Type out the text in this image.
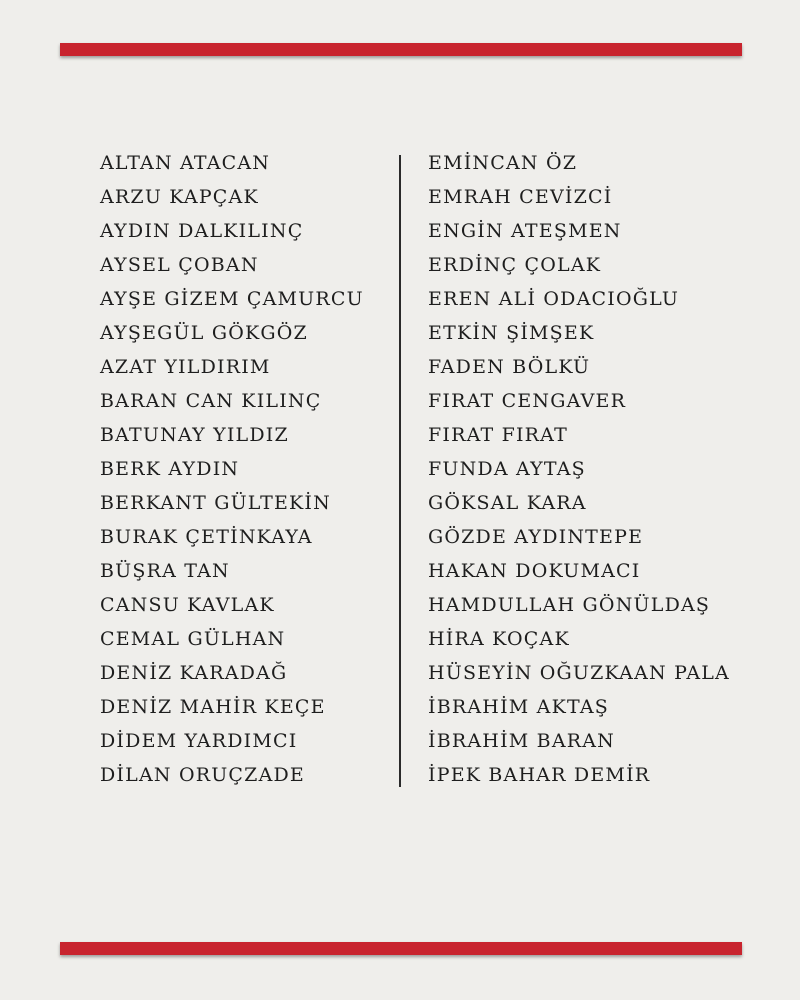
ALTAN ATACAN
ARZU KAPÇAK
AYDIN DALKILINÇ
AYSEL ÇOBAN
AYŞE GİZEM ÇAMURCU
AYŞEGÜL GÖKGÖZ
AZAT YILDIRIM
BARAN CAN KILINÇ
BATUNAY YILDIZ
BERK AYDIN
BERKANT GÜLTEKİN
BURAK ÇETİNKAYA
BÜŞRA TAN
CANSU KAVLAK
CEMAL GÜLHAN
DENİZ KARADAĞ
DENİZ MAHİR KEÇE
DİDEM YARDIMCI
DİLAN ORUÇZADE
EMİNCAN ÖZ
EMRAH CEVİZCİ
ENGİN ATEŞMEN
ERDİNÇ ÇOLAK
EREN ALİ ODACIOĞLU
ETKİN ŞİMŞEK
FADEN BÖLKÜ
FIRAT CENGAVER
FIRAT FIRAT
FUNDA AYTAŞ
GÖKSAL KARA
GÖZDE AYDINTEPE
HAKAN DOKUMACI
HAMDULLAH GÖNÜLDAŞ
HİRA KOÇAK
HÜSEYİN OĞUZKAAN PALA
İBRAHİM AKTAŞ
İBRAHİM BARAN
İPEK BAHAR DEMİR
